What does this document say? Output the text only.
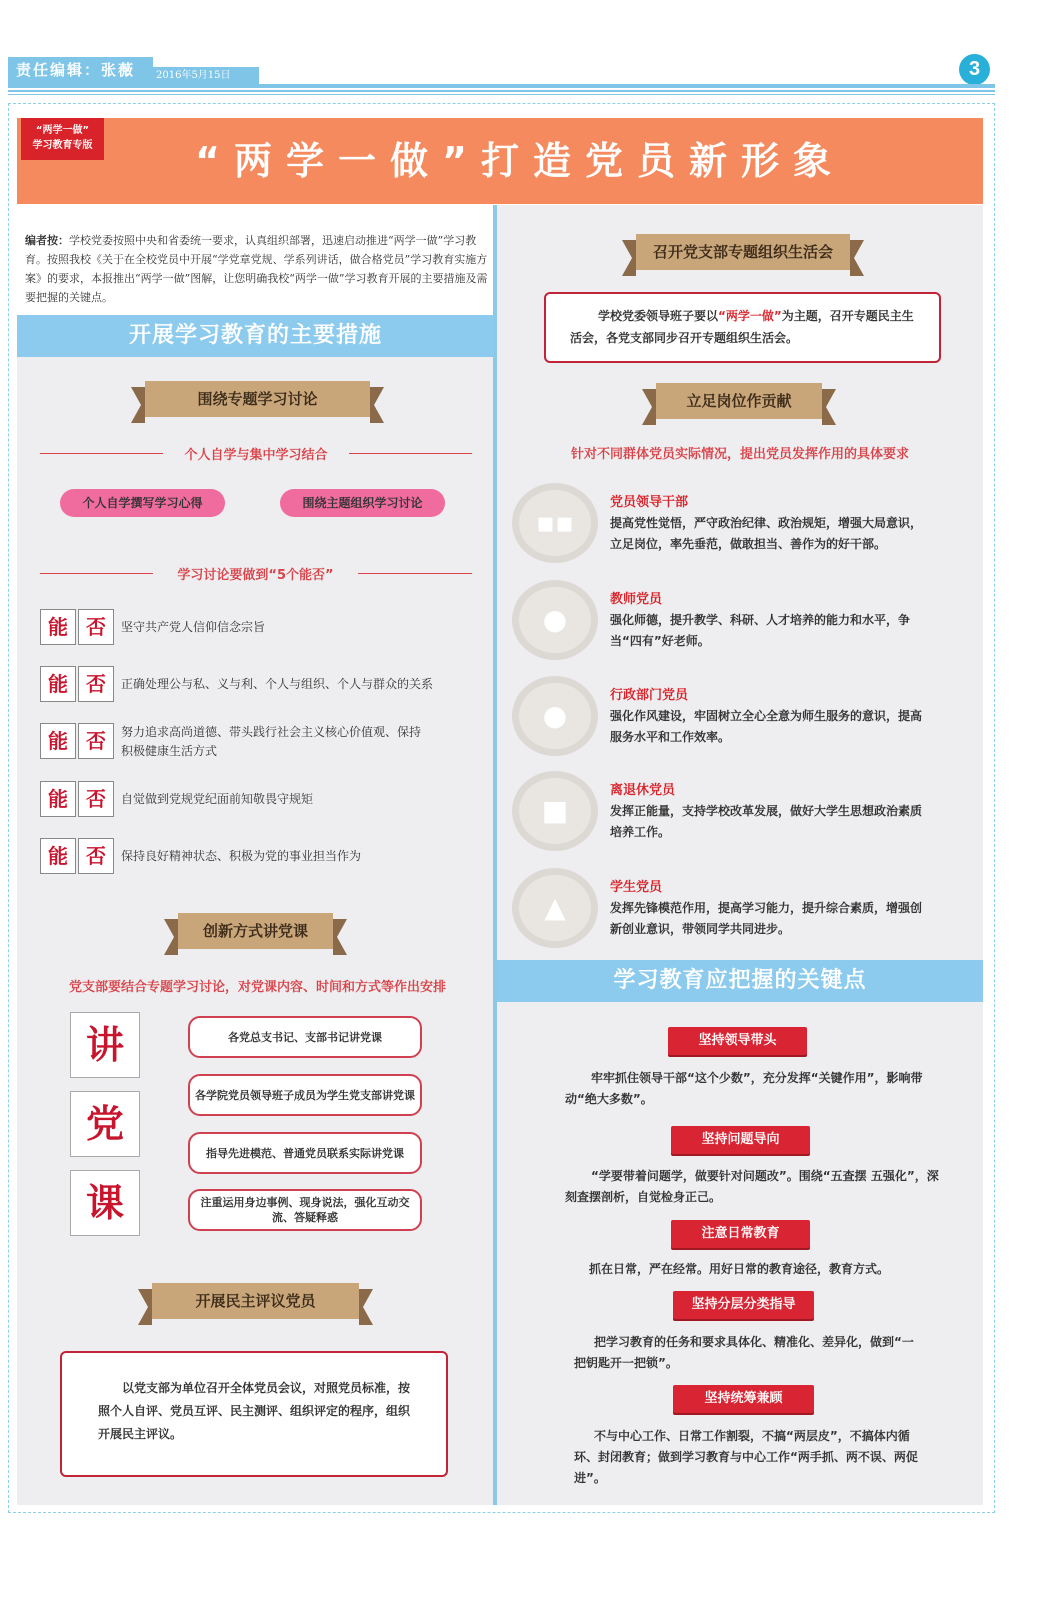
责任编辑：张薇	2016年5月15日	3
“两学一做”打造党员新形象
“两学一做”
学习教育专版
编者按：学校党委按照中央和省委统一要求，认真组织部署，迅速启动推进“两学一做”学习教育。按照我校《关于在全校党员中开展“学党章党规、学系列讲话，做合格党员”学习教育实施方案》的要求，本报推出“两学一做”图解，让您明确我校“两学一做”学习教育开展的主要措施及需要把握的关键点。
开展学习教育的主要措施
围绕专题学习讨论
个人自学与集中学习结合
个人自学撰写学习心得	围绕主题组织学习讨论
学习讨论要做到“5个能否”
能 否	坚守共产党人信仰信念宗旨
能 否	正确处理公与私、义与利、个人与组织、个人与群众的关系
能 否	努力追求高尚道德、带头践行社会主义核心价值观、保持积极健康生活方式
能 否	自觉做到党规党纪面前知敬畏守规矩
能 否	保持良好精神状态、积极为党的事业担当作为
创新方式讲党课
党支部要结合专题学习讨论，对党课内容、时间和方式等作出安排
讲
党
课
各党总支书记、支部书记讲党课
各学院党员领导班子成员为学生党支部讲党课
指导先进模范、普通党员联系实际讲党课
注重运用身边事例、现身说法，强化互动交流、答疑释惑
开展民主评议党员
以党支部为单位召开全体党员会议，对照党员标准，按照个人自评、党员互评、民主测评、组织评定的程序，组织开展民主评议。
召开党支部专题组织生活会
学校党委领导班子要以“两学一做”为主题，召开专题民主生活会，各党支部同步召开专题组织生活会。
立足岗位作贡献
针对不同群体党员实际情况，提出党员发挥作用的具体要求
▪▪
党员领导干部
提高党性觉悟，严守政治纪律、政治规矩，增强大局意识，立足岗位，率先垂范，做敢担当、善作为的好干部。
●
教师党员
强化师德，提升教学、科研、人才培养的能力和水平，争当“四有”好老师。
●
行政部门党员
强化作风建设，牢固树立全心全意为师生服务的意识，提高服务水平和工作效率。
■
离退休党员
发挥正能量，支持学校改革发展，做好大学生思想政治素质培养工作。
▲
学生党员
发挥先锋模范作用，提高学习能力，提升综合素质，增强创新创业意识，带领同学共同进步。
学习教育应把握的关键点
坚持领导带头
牢牢抓住领导干部“这个少数”，充分发挥“关键作用”，影响带动“绝大多数”。
坚持问题导向
“学要带着问题学，做要针对问题改”。围绕“五查摆 五强化”，深刻查摆剖析，自觉检身正己。
注意日常教育
抓在日常，严在经常。用好日常的教育途径，教育方式。
坚持分层分类指导
把学习教育的任务和要求具体化、精准化、差异化，做到“一把钥匙开一把锁”。
坚持统筹兼顾
不与中心工作、日常工作割裂，不搞“两层皮”，不搞体内循环、封闭教育；做到学习教育与中心工作“两手抓、两不误、两促进”。
